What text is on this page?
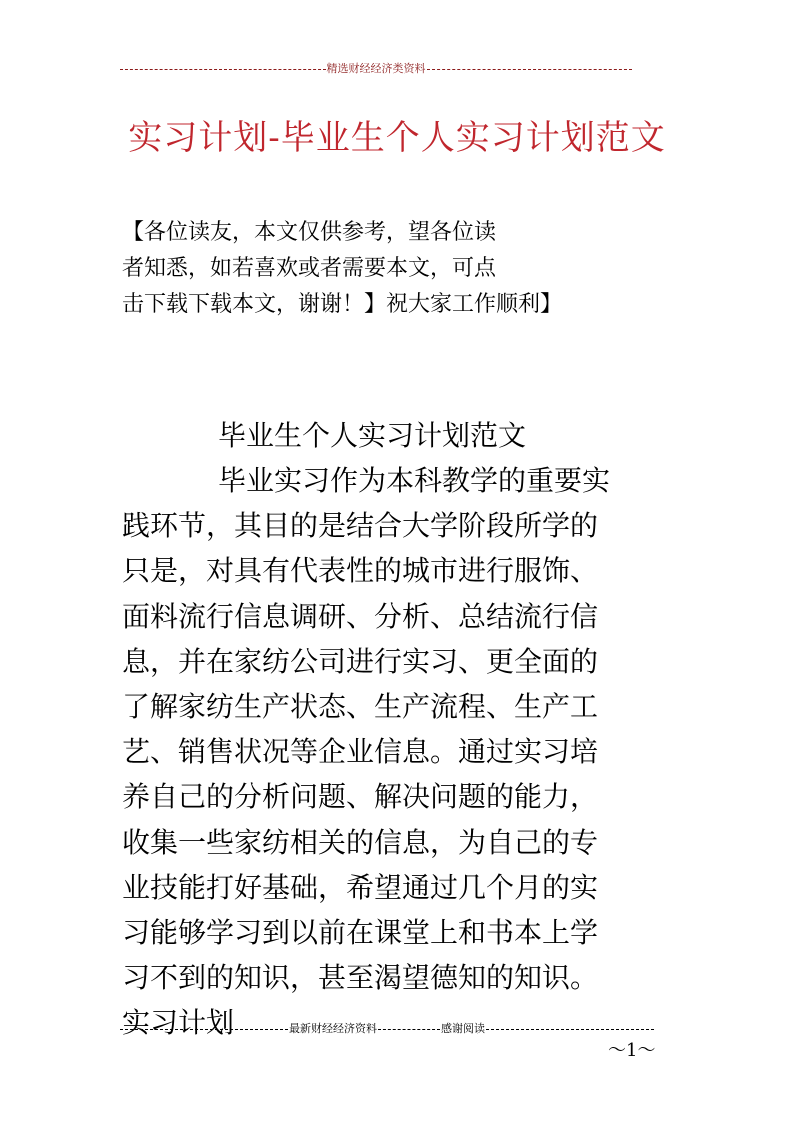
精选财经经济类资料
实习计划-毕业生个人实习计划范文
【各位读友，本文仅供参考，望各位读
者知悉，如若喜欢或者需要本文，可点
击下载下载本文，谢谢！】祝大家工作顺利】
毕业生个人实习计划范文
毕业实习作为本科教学的重要实
践环节，其目的是结合大学阶段所学的
只是，对具有代表性的城市进行服饰、
面料流行信息调研、分析、总结流行信
息，并在家纺公司进行实习、更全面的
了解家纺生产状态、生产流程、生产工
艺、销售状况等企业信息。通过实习培
养自己的分析问题、解决问题的能力，
收集一些家纺相关的信息，为自己的专
业技能打好基础，希望通过几个月的实
习能够学习到以前在课堂上和书本上学
习不到的知识，甚至渴望德知的知识。
实习计划	最新财经经济资料	感谢阅读
～1～
